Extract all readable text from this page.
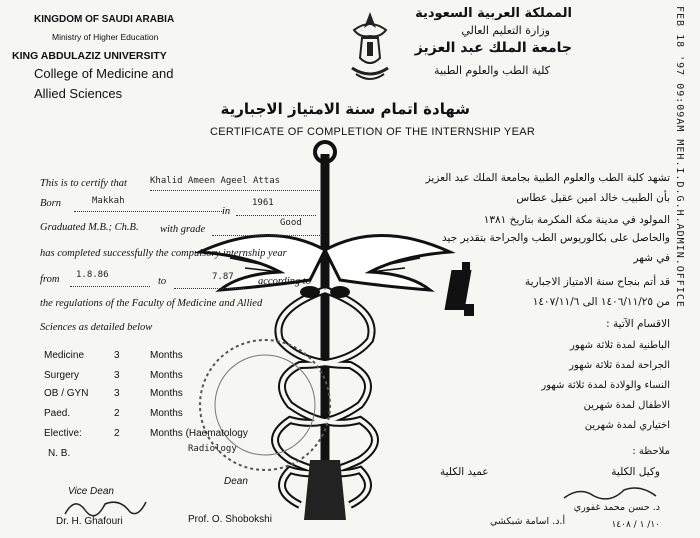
FEB 18 '97 09:09AM MEH.I.D.G.H.ADMIN.OFFICE
KINGDOM OF SAUDI ARABIA
Ministry of Higher Education
KING ABDULAZIZ UNIVERSITY
College of Medicine and
Allied Sciences
المملكة العربية السعودية
وزارة التعليم العالي
جامعة الملك عبد العزيز
كلية الطب والعلوم الطبية
شهادة اتمام سنة الامتياز الاجبارية
CERTIFICATE OF COMPLETION OF THE INTERNSHIP YEAR
This is to certify that	Khalid Ameen Ageel Attas
Born	Makkah
in
1961
Graduated M.B.; Ch.B. with grade
Good
has completed successfully the compulsory internship year
from 1.8.86
to	7.87 according to
the regulations of the Faculty of Medicine and Allied
Sciences as detailed below
Medicine	3	Months
Surgery	3	Months
OB / GYN	3	Months
Paed.	2	Months
Elective:	2	Months (Haematology
Radiology
N. B.
تشهد كلية الطب والعلوم الطبية بجامعة الملك عبد العزيز
بأن الطبيب خالد امين عقيل عطاس
المولود في مدينة مكة المكرمة بتاريخ ١٣٨١
والحاصل على بكالوريوس الطب والجراحة بتقدير جيد
في شهر
قد أتم بنجاح سنة الامتياز الاجبارية
من ١٤٠٦/١١/٢٥ الى ١٤٠٧/١١/٦
الاقسام الآتية :
الباطنية لمدة ثلاثة شهور
الجراحة لمدة ثلاثة شهور
النساء والولادة لمدة ثلاثة شهور
الاطفال لمدة شهرين
اختياري لمدة شهرين
ملاحظة :
Vice Dean
Dr. H. Ghafouri
Dean
Prof. O. Shobokshi
عميد الكلية	وكيل الكلية
د. حسن محمد غفوري
أ.د. اسامة شبكشي	١٠/ ١ / ١٤٠٨
